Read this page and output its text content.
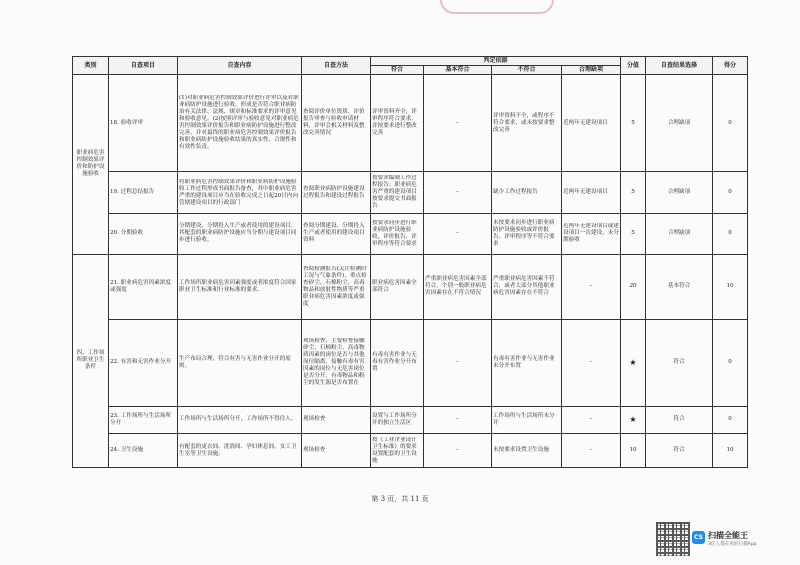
类别	自查项目	自查内容	自查方法	判定依据				分值	自查结果选择	得分
				符合	基本符合	不符合	合理缺项			
职业病危害控制效果评价和防护设施验收	18. 验收评审	(1)对职业病危害控制效果评价进行评审以及对职业病防护设施进行验收，形成是否符合职业病防治有关法律、法规、规章和标准要求的评审意见和验收意见。(2)按照评审与验收意见对职业病危害控制效果评价报告和职业病防护设施进行整改完善，并对最终的职业病危害控制效果评价报告和职业病防护设施验收结果的真实性、合规性和有效性负责。	查阅评价单位资质、评价报告审查与验收申请材料，评审会相关材料及整改完善情况	评审资料齐全，评审程序符合要求，并按要求进行整改完善	–	评审资料不全，或程序不符合要求，或未按要求整改完善	近两年无建设项目	5	合理缺项	0
	19. 过程总结报告	将职业病危害控制效果评价和职业病防护设施验收工作过程形成书面报告备查，其中职业病危害严重的建设项目应当在验收完成之日起20日内向管辖建设项目的行政部门	查阅职业病防护设施建设过程报告和建设过程报告	按要求编制工作过程报告；职业病危害严重的建设项目按要求提交书面报告	–	缺少工作过程报告	近两年无建设项目	5	合理缺项	0
	20. 分期验收	分期建设、分期投入生产或者使用的建设项目，其配套的职业病防护设施应当分期与建设项目同步进行验收。	查阅分期建设、分期投入生产或者使用的建设项目资料	按要求同步进行职业病防护设施验收，评价报告、评审程序等符合要求	–	未按要求同步进行职业病防护设施验收或评价报告、评审程序等不符合要求	近两年无建设项目或建设项目一次建设，未分期验收	5	合理缺项	0
四、工作场所职业卫生条件	21. 职业病危害因素浓度或强度	工作场所职业病危害因素强度或者浓度符合国家职业卫生标准和行业标准的要求。	查阅检测报告(关注检测时工况与气象条件)，重点检查矽尘、石棉粉尘、高毒物品和放射性物质等严重职业病危害因素浓度或强度	职业病危害因素全部符合	严重职业病危害因素全部符合，个别一般职业病危害因素存在不符合情况	严重职业病危害因素不符合，或者大部分其他职业病危害因素存在不符合	–	20	基本符合	10
	22. 有害和无害作业分开	生产布局合理，符合有害与无害作业分开的原则。	现场检查，主要检查接触矽尘、石棉粉尘、高毒物质因素的岗位是否与其他岗位隔离，接触有毒有害因素的岗位与无危害岗位是否分开，有毒物品和粉尘的发生源是否布置在	有毒有害作业与无毒有害作业分开布置	–	有毒有害作业与无害作业未分开布置	–	★	符合	0
	23. 工作场所与生活场所分开	工作场所与生活场所分开，工作场所不得住人。	现场检查	设置与工作场所分开的独立生活区	–	工作场所与生活场所未分开	–	★	符合	0
	24. 卫生设施	有配套的更衣间、洗浴间、孕妇休息间、女工卫生室等卫生设施。	现场检查	按《工业企业设计卫生标准》的要求设置配套的卫生设施	–	未按要求设置卫生设施	–	10	符合	10
第 3 页，共 11 页
CS 扫描全能王
3亿人都在用的扫描App
